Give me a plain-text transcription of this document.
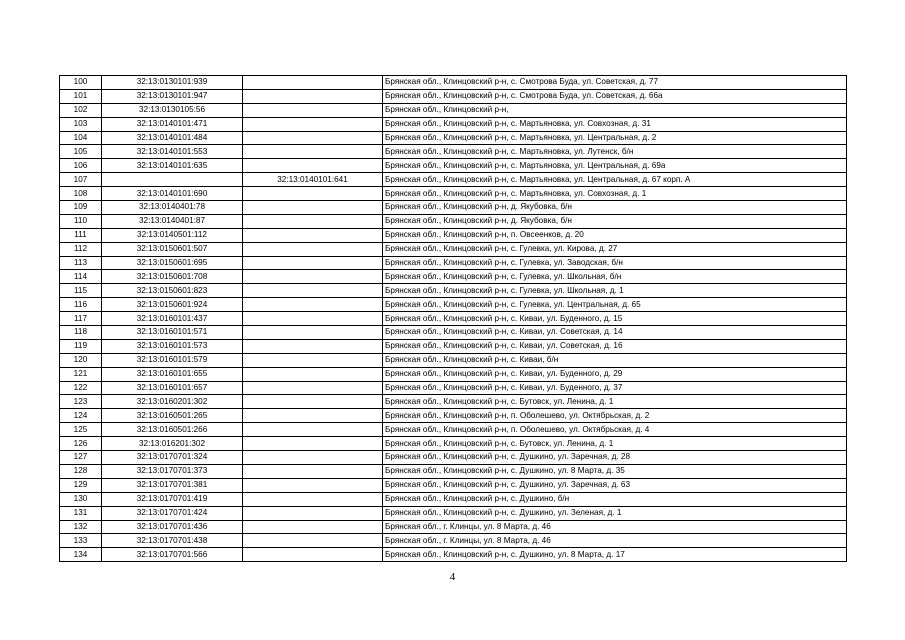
100	32:13:0130101:939		Брянская обл., Клинцовский р-н, с. Смотрова Буда, ул. Советская, д. 77
101	32:13:0130101:947		Брянская обл., Клинцовский р-н, с. Смотрова Буда, ул. Советская, д. 66а
102	32:13:0130105:56		Брянская обл., Клинцовский р-н,
103	32:13:0140101:471		Брянская обл., Клинцовский р-н, с. Мартьяновка, ул. Совхозная, д. 31
104	32:13:0140101:484		Брянская обл., Клинцовский р-н, с. Мартьяновка, ул. Центральная, д. 2
105	32:13:0140101:553		Брянская обл., Клинцовский р-н, с. Мартьяновка, ул. Лутенск, б/н
106	32:13:0140101:635		Брянская обл., Клинцовский р-н, с. Мартьяновка, ул. Центральная, д. 69а
107		32:13:0140101:641	Брянская обл., Клинцовский р-н, с. Мартьяновка, ул. Центральная, д. 67 корп. А
108	32:13:0140101:690		Брянская обл., Клинцовский р-н, с. Мартьяновка, ул. Совхозная, д. 1
109	32:13:0140401:78		Брянская обл., Клинцовский р-н, д. Якубовка, б/н
110	32:13:0140401:87		Брянская обл., Клинцовский р-н, д. Якубовка, б/н
111	32:13:0140501:112		Брянская обл., Клинцовский р-н, п. Овсеенков, д. 20
112	32:13:0150601:507		Брянская обл., Клинцовский р-н, с. Гулевка, ул. Кирова, д. 27
113	32:13:0150601:695		Брянская обл., Клинцовский р-н, с. Гулевка, ул. Заводская, б/н
114	32:13:0150601:708		Брянская обл., Клинцовский р-н, с. Гулевка, ул. Школьная, б/н
115	32:13:0150601:823		Брянская обл., Клинцовский р-н, с. Гулевка, ул. Школьная, д. 1
116	32:13:0150601:924		Брянская обл., Клинцовский р-н, с. Гулевка, ул. Центральная, д. 65
117	32:13:0160101:437		Брянская обл., Клинцовский р-н, с. Киваи, ул. Буденного, д. 15
118	32:13:0160101:571		Брянская обл., Клинцовский р-н, с. Киваи, ул. Советская, д. 14
119	32:13:0160101:573		Брянская обл., Клинцовский р-н, с. Киваи, ул. Советская, д. 16
120	32:13:0160101:579		Брянская обл., Клинцовский р-н, с. Киваи, б/н
121	32:13:0160101:655		Брянская обл., Клинцовский р-н, с. Киваи, ул. Буденного, д. 29
122	32:13:0160101:657		Брянская обл., Клинцовский р-н, с. Киваи, ул. Буденного, д. 37
123	32:13:0160201:302		Брянская обл., Клинцовский р-н, с. Бутовск, ул. Ленина, д. 1
124	32:13:0160501:265		Брянская обл., Клинцовский р-н, п. Оболешево, ул. Октябрьская, д. 2
125	32:13:0160501:266		Брянская обл., Клинцовский р-н, п. Оболешево, ул. Октябрьская, д. 4
126	32:13:016201:302		Брянская обл., Клинцовский р-н, с. Бутовск, ул. Ленина, д. 1
127	32:13:0170701:324		Брянская обл., Клинцовский р-н, с. Душкино, ул. Заречная, д. 28
128	32:13:0170701:373		Брянская обл., Клинцовский р-н, с. Душкино, ул. 8 Марта, д. 35
129	32:13:0170701:381		Брянская обл., Клинцовский р-н, с. Душкино, ул. Заречная, д. 63
130	32:13:0170701:419		Брянская обл., Клинцовский р-н, с. Душкино, б/н
131	32:13:0170701:424		Брянская обл., Клинцовский р-н, с. Душкино, ул. Зеленая, д. 1
132	32:13:0170701:436		Брянская обл., г. Клинцы, ул. 8 Марта, д. 46
133	32:13:0170701:438		Брянская обл., г. Клинцы, ул. 8 Марта, д. 46
134	32:13:0170701:566		Брянская обл., Клинцовский р-н, с. Душкино, ул. 8 Марта, д. 17
4
